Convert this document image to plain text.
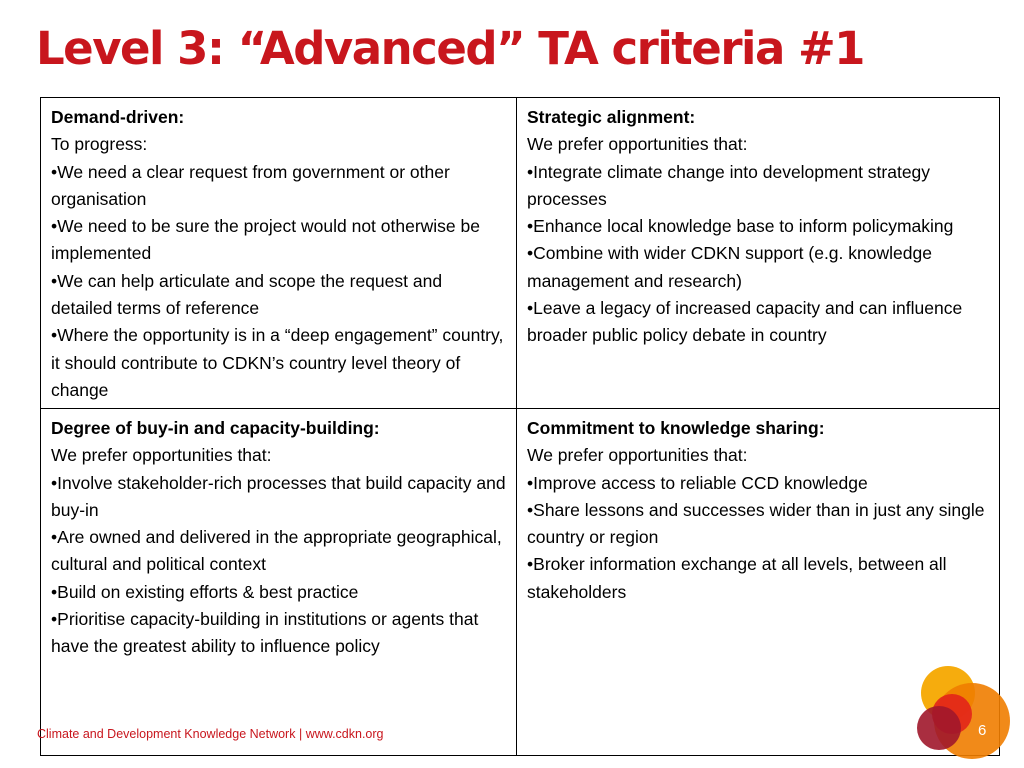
Level 3: “Advanced” TA criteria #1
Demand-driven:
To progress:
• We need a clear request from government or other organisation
• We need to be sure the project would not otherwise be implemented
• We can help articulate and scope the request and detailed terms of reference
• Where the opportunity is in a “deep engagement” country, it should contribute to CDKN’s country level theory of change
Strategic alignment:
We prefer opportunities that:
• Integrate climate change into development strategy processes
• Enhance local knowledge base to inform policymaking
• Combine with wider CDKN support (e.g. knowledge management and research)
• Leave a legacy of increased capacity and can influence broader public policy debate in country
Degree of buy-in and capacity-building:
We prefer opportunities that:
• Involve stakeholder-rich processes that build capacity and buy-in
• Are owned and delivered in the appropriate geographical, cultural and political context
• Build on existing efforts & best practice
• Prioritise capacity-building in institutions or agents that have the greatest ability to influence policy
Commitment to knowledge sharing:
We prefer opportunities that:
• Improve access to reliable CCD knowledge
• Share lessons and successes wider than in just any single country or region
• Broker information exchange at all levels, between all stakeholders
Climate and Development Knowledge Network | www.cdkn.org	6
